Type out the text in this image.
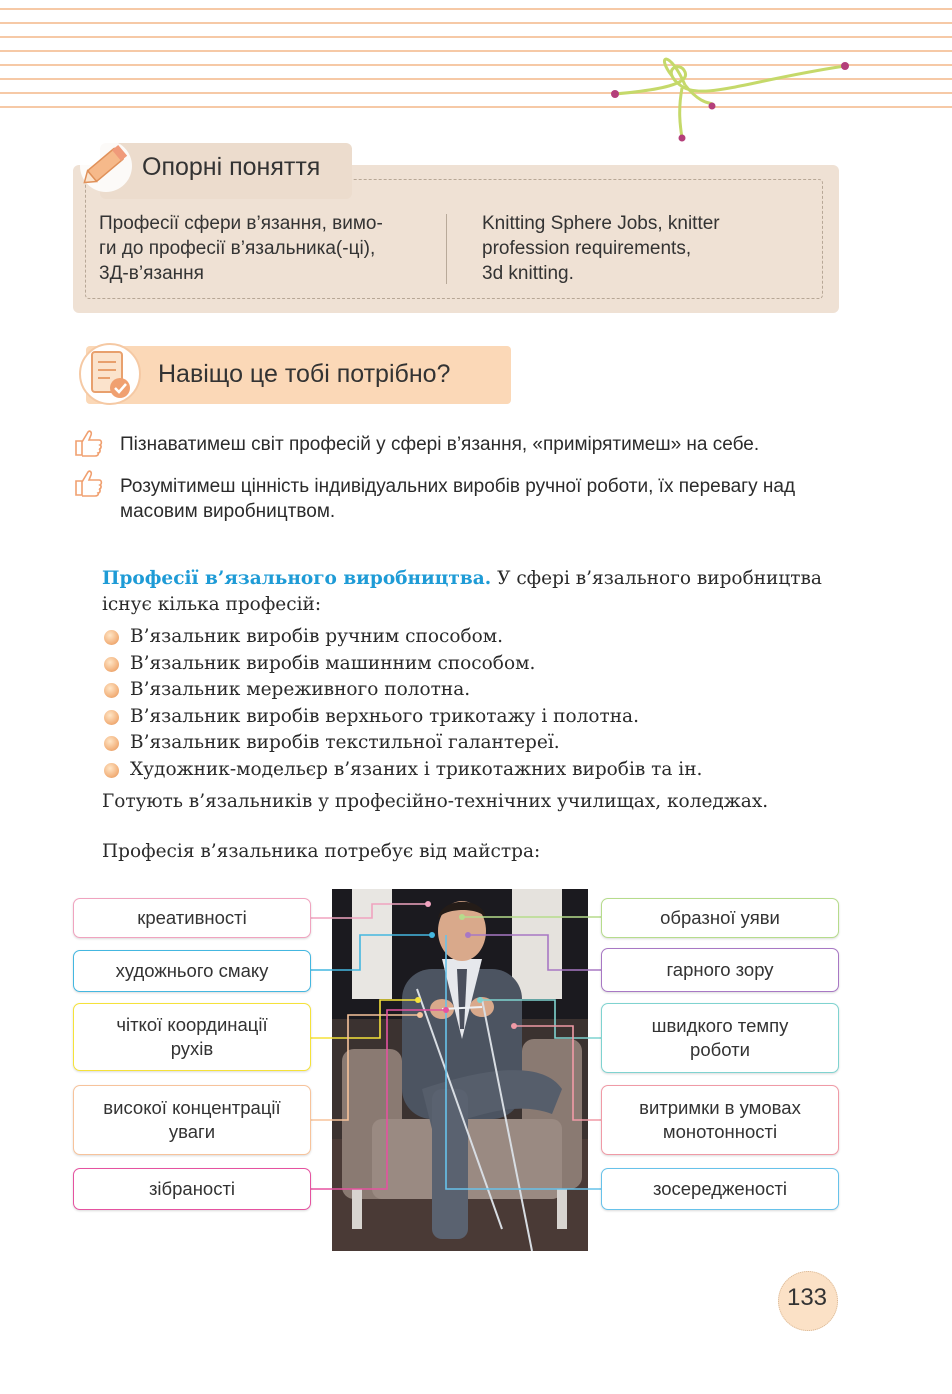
Опорні поняття
Професії сфери в’язання, вимо-
ги до професії в’язальника(-ці),
3Д-в’язання
Knitting Sphere Jobs, knitter
profession requirements,
3d knitting.
Навіщо це тобі потрібно?
Пізнаватимеш світ професій у сфері в’язання, «примірятимеш» на себе.
Розумітимеш цінність індивідуальних виробів ручної роботи, їх перевагу над
масовим виробництвом.
Професії в’язального виробництва. У сфері в’язального виробництва
існує кілька професій:
В’язальник виробів ручним способом.
В’язальник виробів машинним способом.
В’язальник мереживного полотна.
В’язальник виробів верхнього трикотажу і полотна.
В’язальник виробів текстильної галантереї.
Художник-модельєр в’язаних і трикотажних виробів та ін.
Готують в’язальників у професійно-технічних училищах, коледжах.
Професія в’язальника потребує від майстра:
креативності
художнього смаку
чіткої координації
рухів
високої концентрації
уваги
зібраності
образної уяви
гарного зору
швидкого темпу
роботи
витримки в умовах
монотонності
зосередженості
133
